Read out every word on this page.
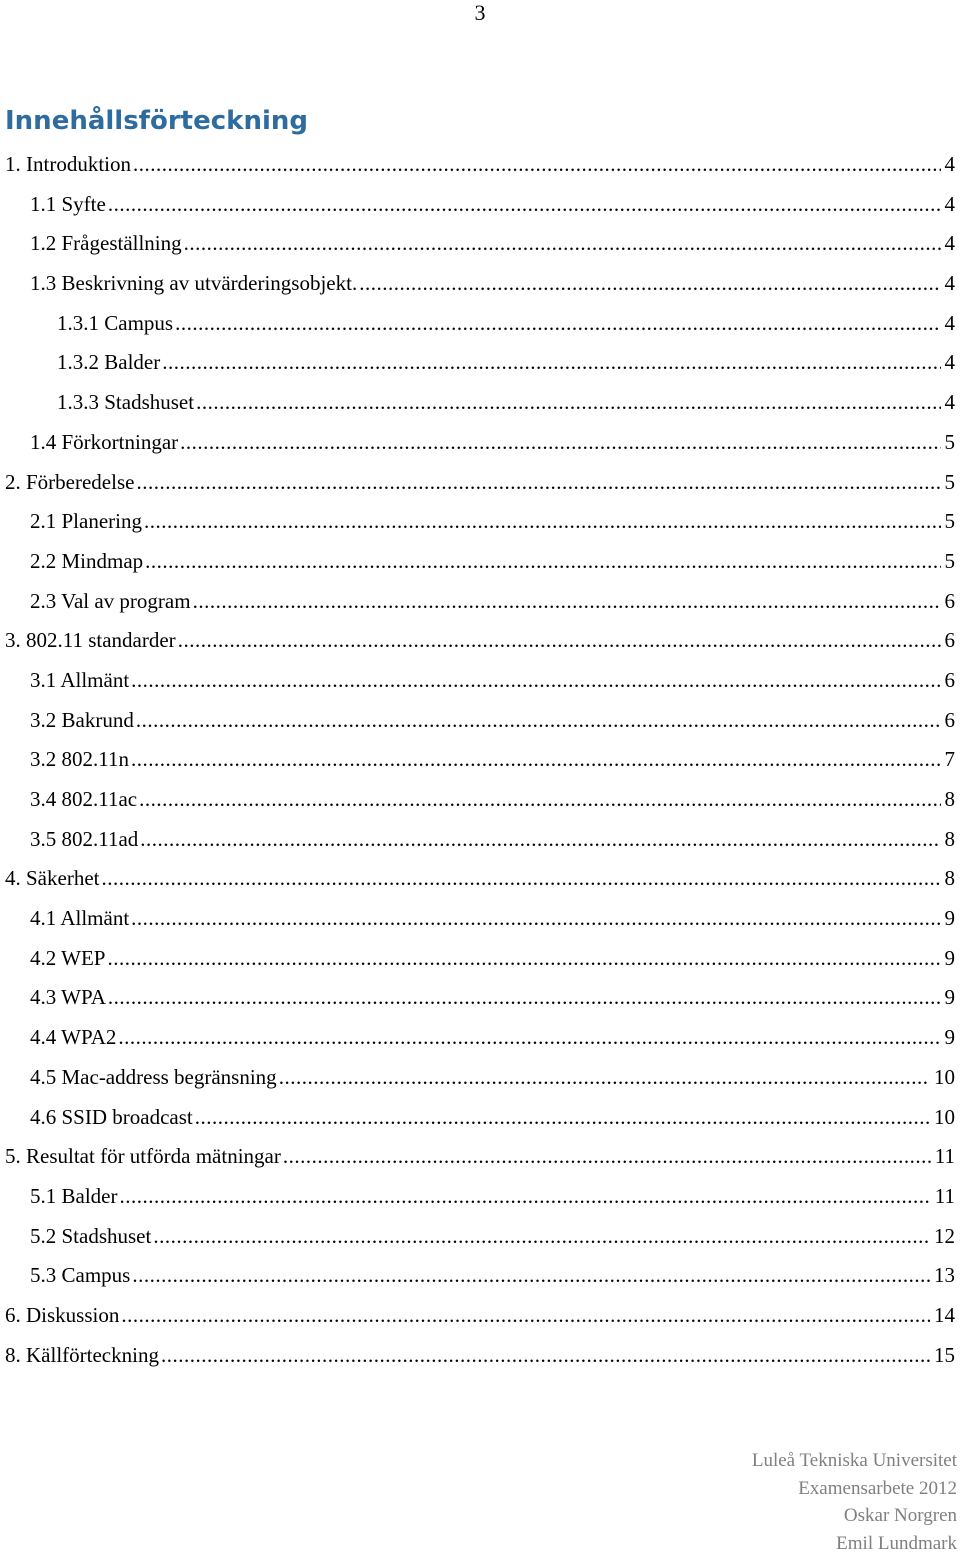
3
Innehållsförteckning
1. Introduktion .....	4
1.1 Syfte .....	4
1.2 Frågeställning .....	4
1.3 Beskrivning av utvärderingsobjekt. .....	4
1.3.1 Campus .....	4
1.3.2 Balder .....	4
1.3.3 Stadshuset .....	4
1.4 Förkortningar .....	5
2. Förberedelse .....	5
2.1 Planering .....	5
2.2 Mindmap .....	5
2.3 Val av program .....	6
3. 802.11 standarder .....	6
3.1 Allmänt .....	6
3.2 Bakrund .....	6
3.2 802.11n .....	7
3.4 802.11ac .....	8
3.5 802.11ad .....	8
4. Säkerhet .....	8
4.1 Allmänt .....	9
4.2 WEP .....	9
4.3 WPA .....	9
4.4 WPA2 .....	9
4.5 Mac-address begränsning .....	10
4.6 SSID broadcast .....	10
5. Resultat för utförda mätningar .....	11
5.1 Balder .....	11
5.2 Stadshuset .....	12
5.3 Campus .....	13
6. Diskussion .....	14
8. Källförteckning .....	15
Luleå Tekniska Universitet
Examensarbete 2012
Oskar Norgren
Emil Lundmark
